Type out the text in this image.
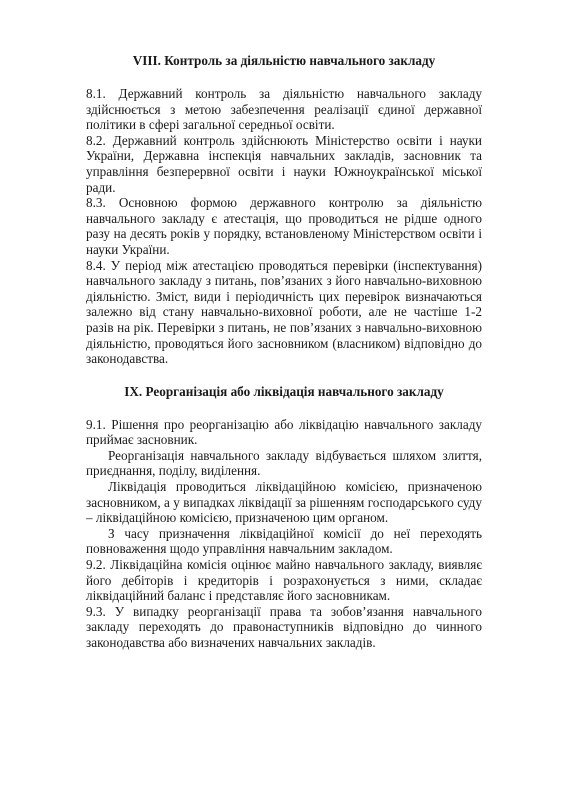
VIII. Контроль за діяльністю навчального закладу

8.1. Державний контроль за діяльністю навчального закладу здійснюється з метою забезпечення реалізації єдиної державної політики в сфері загальної середньої освіти.

8.2. Державний контроль здійснюють Міністерство освіти і науки України, Державна інспекція навчальних закладів, засновник та управління безперервної освіти і науки Южноукраїнської міської ради.

8.3. Основною формою державного контролю за діяльністю навчального закладу є атестація, що проводиться не рідше одного разу на десять років у порядку, встановленому Міністерством освіти і науки України.

8.4. У період між атестацією проводяться перевірки (інспектування) навчального закладу з питань, пов’язаних з його навчально-виховною діяльністю. Зміст, види і періодичність цих перевірок визначаються залежно від стану навчально-виховної роботи, але не частіше 1-2 разів на рік. Перевірки з питань, не пов’язаних з навчально-виховною діяльністю, проводяться його засновником (власником) відповідно до законодавства.

IX. Реорганізація або ліквідація навчального закладу

9.1. Рішення про реорганізацію або ліквідацію навчального закладу приймає засновник.

Реорганізація навчального закладу відбувається шляхом злиття, приєднання, поділу, виділення.

Ліквідація проводиться ліквідаційною комісією, призначеною засновником, а у випадках ліквідації за рішенням господарського суду – ліквідаційною комісією, призначеною цим органом.

З часу призначення ліквідаційної комісії до неї переходять повноваження щодо управління навчальним закладом.

9.2. Ліквідаційна комісія оцінює майно навчального закладу, виявляє його дебіторів і кредиторів і розрахонується з ними, складає ліквідаційний баланс і представляє його засновникам.

9.3. У випадку реорганізації права та зобов’язання навчального закладу переходять до правонаступників відповідно до чинного законодавства або визначених навчальних закладів.
